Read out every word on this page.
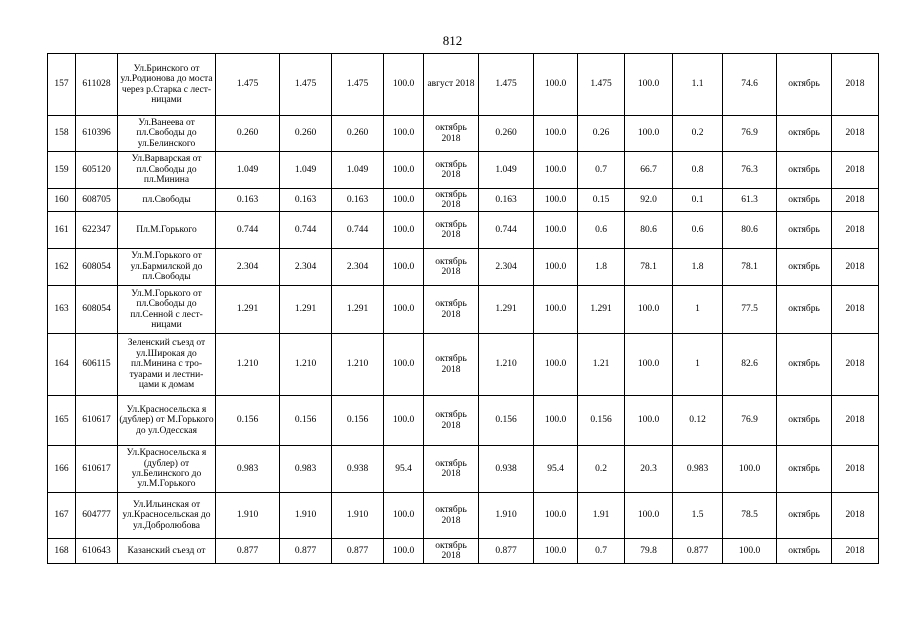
812
157	611028	Ул.Бринского от ул.Родионова до моста через р.Старка с лест- ницами	1.475	1.475	1.475	100.0	август 2018	1.475	100.0	1.475	100.0	1.1	74.6	октябрь	2018
158	610396	Ул.Ванеева от пл.Свободы до ул.Белинского	0.260	0.260	0.260	100.0	октябрь 2018	0.260	100.0	0.26	100.0	0.2	76.9	октябрь	2018
159	605120	Ул.Варварская от пл.Свободы до пл.Минина	1.049	1.049	1.049	100.0	октябрь 2018	1.049	100.0	0.7	66.7	0.8	76.3	октябрь	2018
160	608705	пл.Свободы	0.163	0.163	0.163	100.0	октябрь 2018	0.163	100.0	0.15	92.0	0.1	61.3	октябрь	2018
161	622347	Пл.М.Горького	0.744	0.744	0.744	100.0	октябрь 2018	0.744	100.0	0.6	80.6	0.6	80.6	октябрь	2018
162	608054	Ул.М.Горького от ул.Бармилской до пл.Свободы	2.304	2.304	2.304	100.0	октябрь 2018	2.304	100.0	1.8	78.1	1.8	78.1	октябрь	2018
163	608054	Ул.М.Горького от пл.Свободы до пл.Сенной с лест- ницами	1.291	1.291	1.291	100.0	октябрь 2018	1.291	100.0	1.291	100.0	1	77.5	октябрь	2018
164	606115	Зеленский съезд от ул.Широкая до пл.Минина с тро- туарами и лестни- цами к домам	1.210	1.210	1.210	100.0	октябрь 2018	1.210	100.0	1.21	100.0	1	82.6	октябрь	2018
165	610617	Ул.Красносельска я (дублер) от М.Горького до ул.Одесская	0.156	0.156	0.156	100.0	октябрь 2018	0.156	100.0	0.156	100.0	0.12	76.9	октябрь	2018
166	610617	Ул.Красносельска я (дублер) от ул.Белинского до ул.М.Горького	0.983	0.983	0.938	95.4	октябрь 2018	0.938	95.4	0.2	20.3	0.983	100.0	октябрь	2018
167	604777	Ул.Ильинская от ул.Красносельская до ул.Добролюбова	1.910	1.910	1.910	100.0	октябрь 2018	1.910	100.0	1.91	100.0	1.5	78.5	октябрь	2018
168	610643	Казанский съезд от	0.877	0.877	0.877	100.0	октябрь 2018	0.877	100.0	0.7	79.8	0.877	100.0	октябрь	2018
